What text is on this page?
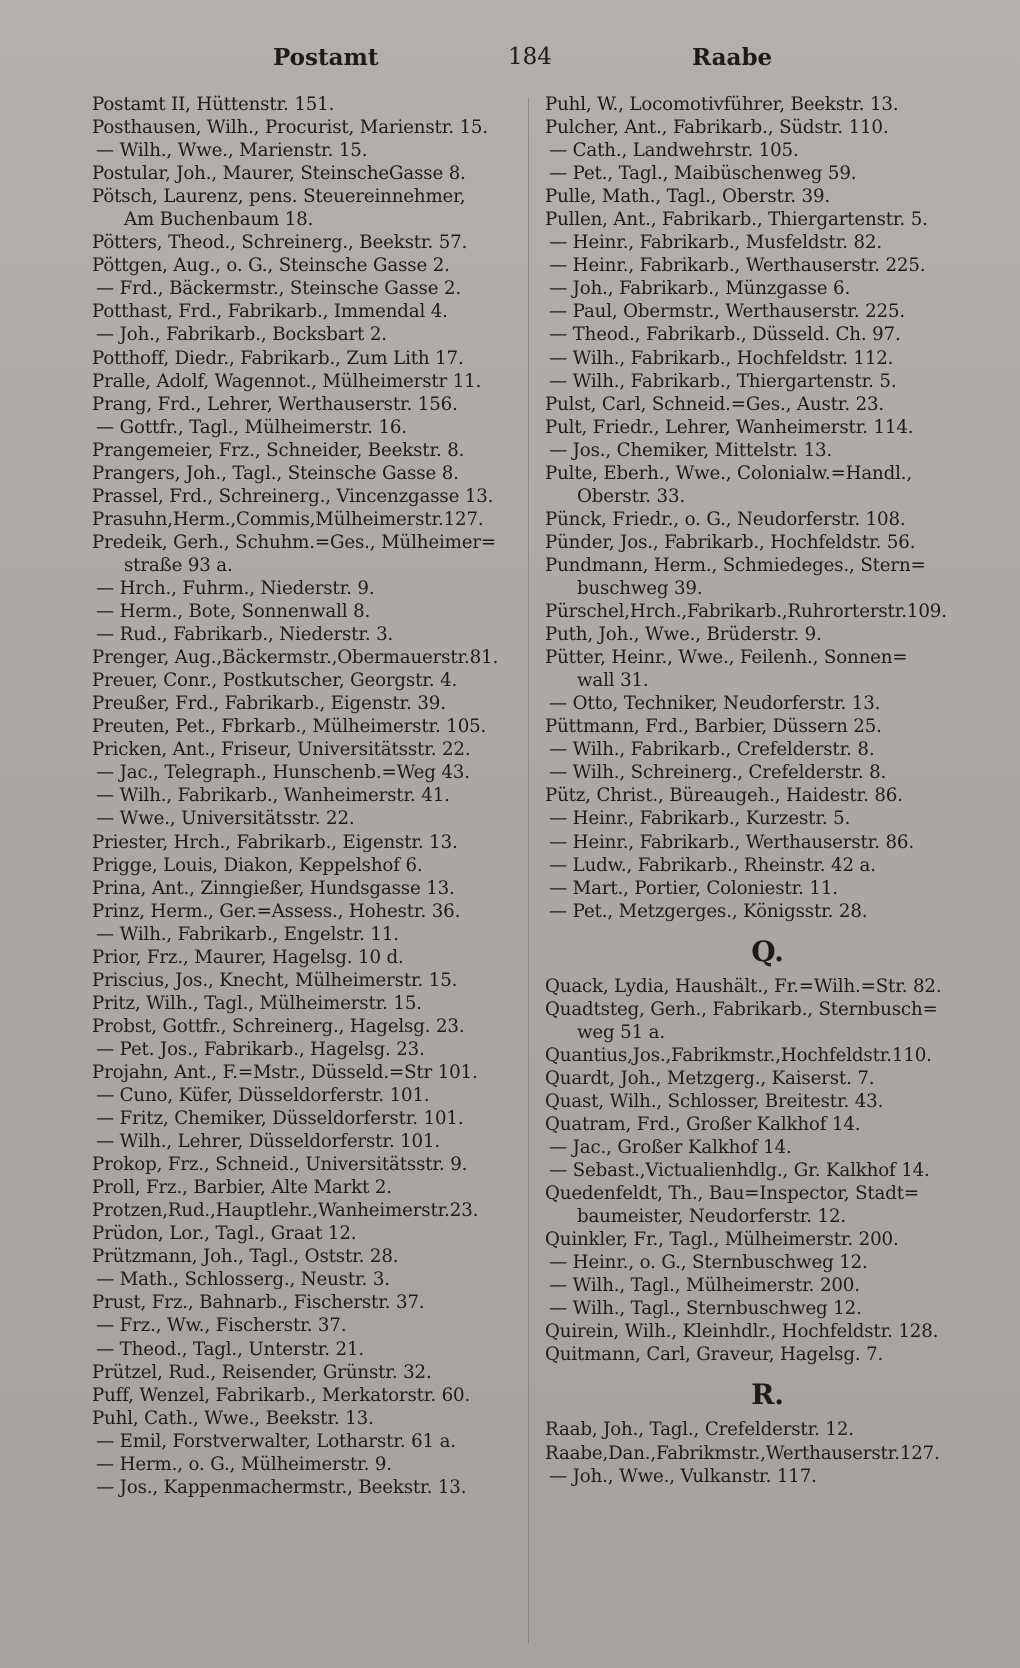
Postamt	184	Raabe
Postamt II, Hüttenstr. 151.
Posthausen, Wilh., Procurist, Marienstr. 15.
— Wilh., Wwe., Marienstr. 15.
Postular, Joh., Maurer, SteinscheGasse 8.
Pötsch, Laurenz, pens. Steuereinnehmer,
Am Buchenbaum 18.
Pötters, Theod., Schreinerg., Beekstr. 57.
Pöttgen, Aug., o. G., Steinsche Gasse 2.
— Frd., Bäckermstr., Steinsche Gasse 2.
Potthast, Frd., Fabrikarb., Immendal 4.
— Joh., Fabrikarb., Bocksbart 2.
Potthoff, Diedr., Fabrikarb., Zum Lith 17.
Pralle, Adolf, Wagennot., Mülheimerstr 11.
Prang, Frd., Lehrer, Werthauserstr. 156.
— Gottfr., Tagl., Mülheimerstr. 16.
Prangemeier, Frz., Schneider, Beekstr. 8.
Prangers, Joh., Tagl., Steinsche Gasse 8.
Prassel, Frd., Schreinerg., Vincenzgasse 13.
Prasuhn,Herm.,Commis,Mülheimerstr.127.
Predeik, Gerh., Schuhm.=Ges., Mülheimer=
straße 93 a.
— Hrch., Fuhrm., Niederstr. 9.
— Herm., Bote, Sonnenwall 8.
— Rud., Fabrikarb., Niederstr. 3.
Prenger, Aug.,Bäckermstr.,Obermauerstr.81.
Preuer, Conr., Postkutscher, Georgstr. 4.
Preußer, Frd., Fabrikarb., Eigenstr. 39.
Preuten, Pet., Fbrkarb., Mülheimerstr. 105.
Pricken, Ant., Friseur, Universitätsstr. 22.
— Jac., Telegraph., Hunschenb.=Weg 43.
— Wilh., Fabrikarb., Wanheimerstr. 41.
— Wwe., Universitätsstr. 22.
Priester, Hrch., Fabrikarb., Eigenstr. 13.
Prigge, Louis, Diakon, Keppelshof 6.
Prina, Ant., Zinngießer, Hundsgasse 13.
Prinz, Herm., Ger.=Assess., Hohestr. 36.
— Wilh., Fabrikarb., Engelstr. 11.
Prior, Frz., Maurer, Hagelsg. 10 d.
Priscius, Jos., Knecht, Mülheimerstr. 15.
Pritz, Wilh., Tagl., Mülheimerstr. 15.
Probst, Gottfr., Schreinerg., Hagelsg. 23.
— Pet. Jos., Fabrikarb., Hagelsg. 23.
Projahn, Ant., F.=Mstr., Düsseld.=Str 101.
— Cuno, Küfer, Düsseldorferstr. 101.
— Fritz, Chemiker, Düsseldorferstr. 101.
— Wilh., Lehrer, Düsseldorferstr. 101.
Prokop, Frz., Schneid., Universitätsstr. 9.
Proll, Frz., Barbier, Alte Markt 2.
Protzen,Rud.,Hauptlehr.,Wanheimerstr.23.
Prüdon, Lor., Tagl., Graat 12.
Prützmann, Joh., Tagl., Oststr. 28.
— Math., Schlosserg., Neustr. 3.
Prust, Frz., Bahnarb., Fischerstr. 37.
— Frz., Ww., Fischerstr. 37.
— Theod., Tagl., Unterstr. 21.
Prützel, Rud., Reisender, Grünstr. 32.
Puff, Wenzel, Fabrikarb., Merkatorstr. 60.
Puhl, Cath., Wwe., Beekstr. 13.
— Emil, Forstverwalter, Lotharstr. 61 a.
— Herm., o. G., Mülheimerstr. 9.
— Jos., Kappenmachermstr., Beekstr. 13.
Puhl, W., Locomotivführer, Beekstr. 13.
Pulcher, Ant., Fabrikarb., Südstr. 110.
— Cath., Landwehrstr. 105.
— Pet., Tagl., Maibüschenweg 59.
Pulle, Math., Tagl., Oberstr. 39.
Pullen, Ant., Fabrikarb., Thiergartenstr. 5.
— Heinr., Fabrikarb., Musfeldstr. 82.
— Heinr., Fabrikarb., Werthauserstr. 225.
— Joh., Fabrikarb., Münzgasse 6.
— Paul, Obermstr., Werthauserstr. 225.
— Theod., Fabrikarb., Düsseld. Ch. 97.
— Wilh., Fabrikarb., Hochfeldstr. 112.
— Wilh., Fabrikarb., Thiergartenstr. 5.
Pulst, Carl, Schneid.=Ges., Austr. 23.
Pult, Friedr., Lehrer, Wanheimerstr. 114.
— Jos., Chemiker, Mittelstr. 13.
Pulte, Eberh., Wwe., Colonialw.=Handl.,
Oberstr. 33.
Pünck, Friedr., o. G., Neudorferstr. 108.
Pünder, Jos., Fabrikarb., Hochfeldstr. 56.
Pundmann, Herm., Schmiedeges., Stern=
buschweg 39.
Pürschel,Hrch.,Fabrikarb.,Ruhrorterstr.109.
Puth, Joh., Wwe., Brüderstr. 9.
Pütter, Heinr., Wwe., Feilenh., Sonnen=
wall 31.
— Otto, Techniker, Neudorferstr. 13.
Püttmann, Frd., Barbier, Düssern 25.
— Wilh., Fabrikarb., Crefelderstr. 8.
— Wilh., Schreinerg., Crefelderstr. 8.
Pütz, Christ., Büreaugeh., Haidestr. 86.
— Heinr., Fabrikarb., Kurzestr. 5.
— Heinr., Fabrikarb., Werthauserstr. 86.
— Ludw., Fabrikarb., Rheinstr. 42 a.
— Mart., Portier, Coloniestr. 11.
— Pet., Metzgerges., Königsstr. 28.
Q.
Quack, Lydia, Haushält., Fr.=Wilh.=Str. 82.
Quadtsteg, Gerh., Fabrikarb., Sternbusch=
weg 51 a.
Quantius,Jos.,Fabrikmstr.,Hochfeldstr.110.
Quardt, Joh., Metzgerg., Kaiserst. 7.
Quast, Wilh., Schlosser, Breitestr. 43.
Quatram, Frd., Großer Kalkhof 14.
— Jac., Großer Kalkhof 14.
— Sebast.,Victualienhdlg., Gr. Kalkhof 14.
Quedenfeldt, Th., Bau=Inspector, Stadt=
baumeister, Neudorferstr. 12.
Quinkler, Fr., Tagl., Mülheimerstr. 200.
— Heinr., o. G., Sternbuschweg 12.
— Wilh., Tagl., Mülheimerstr. 200.
— Wilh., Tagl., Sternbuschweg 12.
Quirein, Wilh., Kleinhdlr., Hochfeldstr. 128.
Quitmann, Carl, Graveur, Hagelsg. 7.
R.
Raab, Joh., Tagl., Crefelderstr. 12.
Raabe,Dan.,Fabrikmstr.,Werthauserstr.127.
— Joh., Wwe., Vulkanstr. 117.
